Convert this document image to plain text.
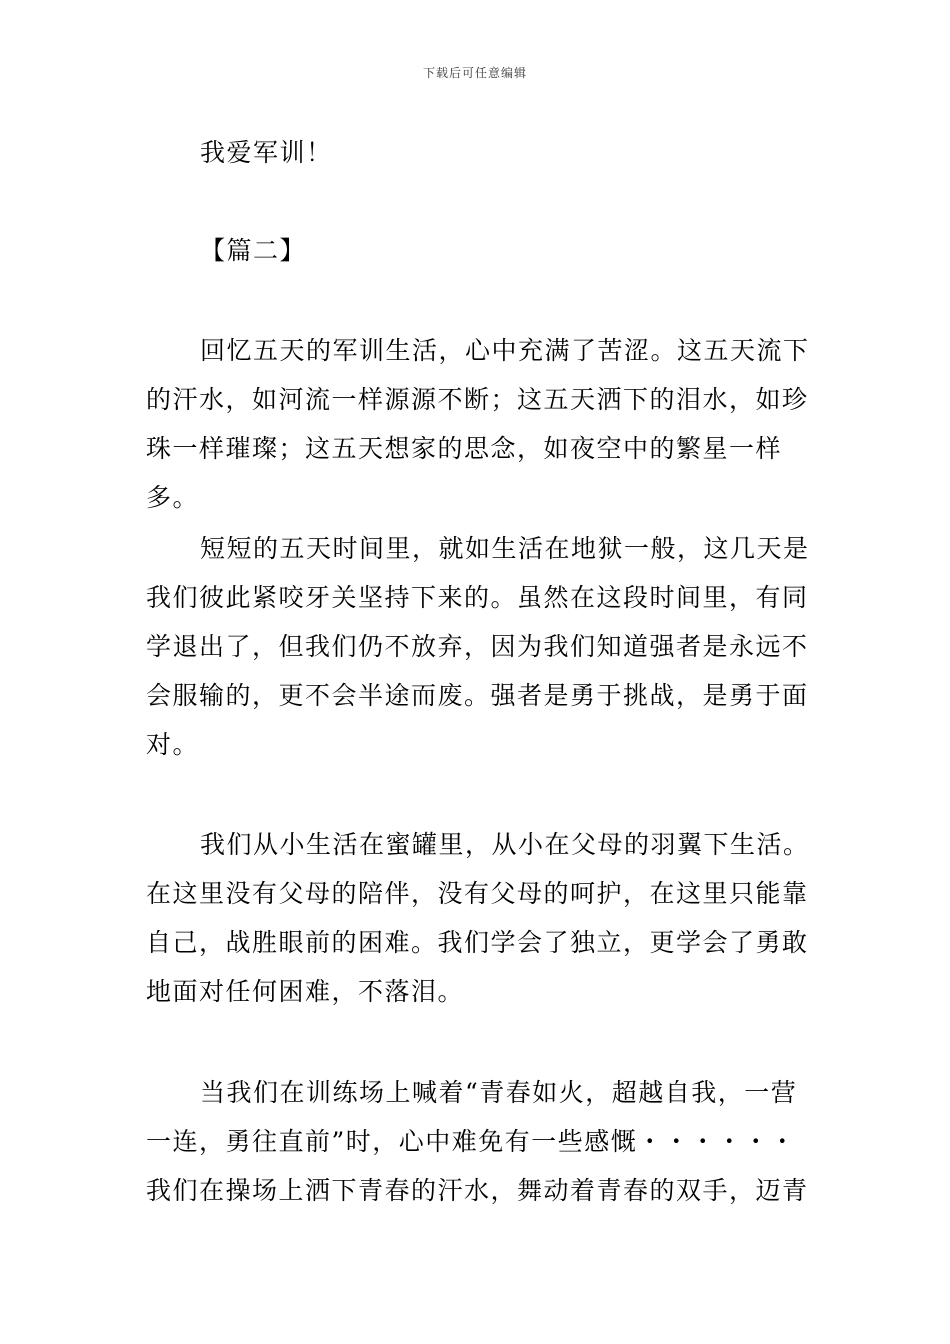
下载后可任意编辑

我爱军训！

【篇二】

回忆五天的军训生活，心中充满了苦涩。这五天流下的汗水，如河流一样源源不断；这五天洒下的泪水，如珍珠一样璀璨；这五天想家的思念，如夜空中的繁星一样多。

短短的五天时间里，就如生活在地狱一般，这几天是我们彼此紧咬牙关坚持下来的。虽然在这段时间里，有同学退出了，但我们仍不放弃，因为我们知道强者是永远不会服输的，更不会半途而废。强者是勇于挑战，是勇于面对。

我们从小生活在蜜罐里，从小在父母的羽翼下生活。在这里没有父母的陪伴，没有父母的呵护，在这里只能靠自己，战胜眼前的困难。我们学会了独立，更学会了勇敢地面对任何困难，不落泪。

当我们在训练场上喊着“青春如火，超越自我，一营一连，勇往直前”时，心中难免有一些感慨・・・・・・我们在操场上洒下青春的汗水，舞动着青春的双手，迈青
